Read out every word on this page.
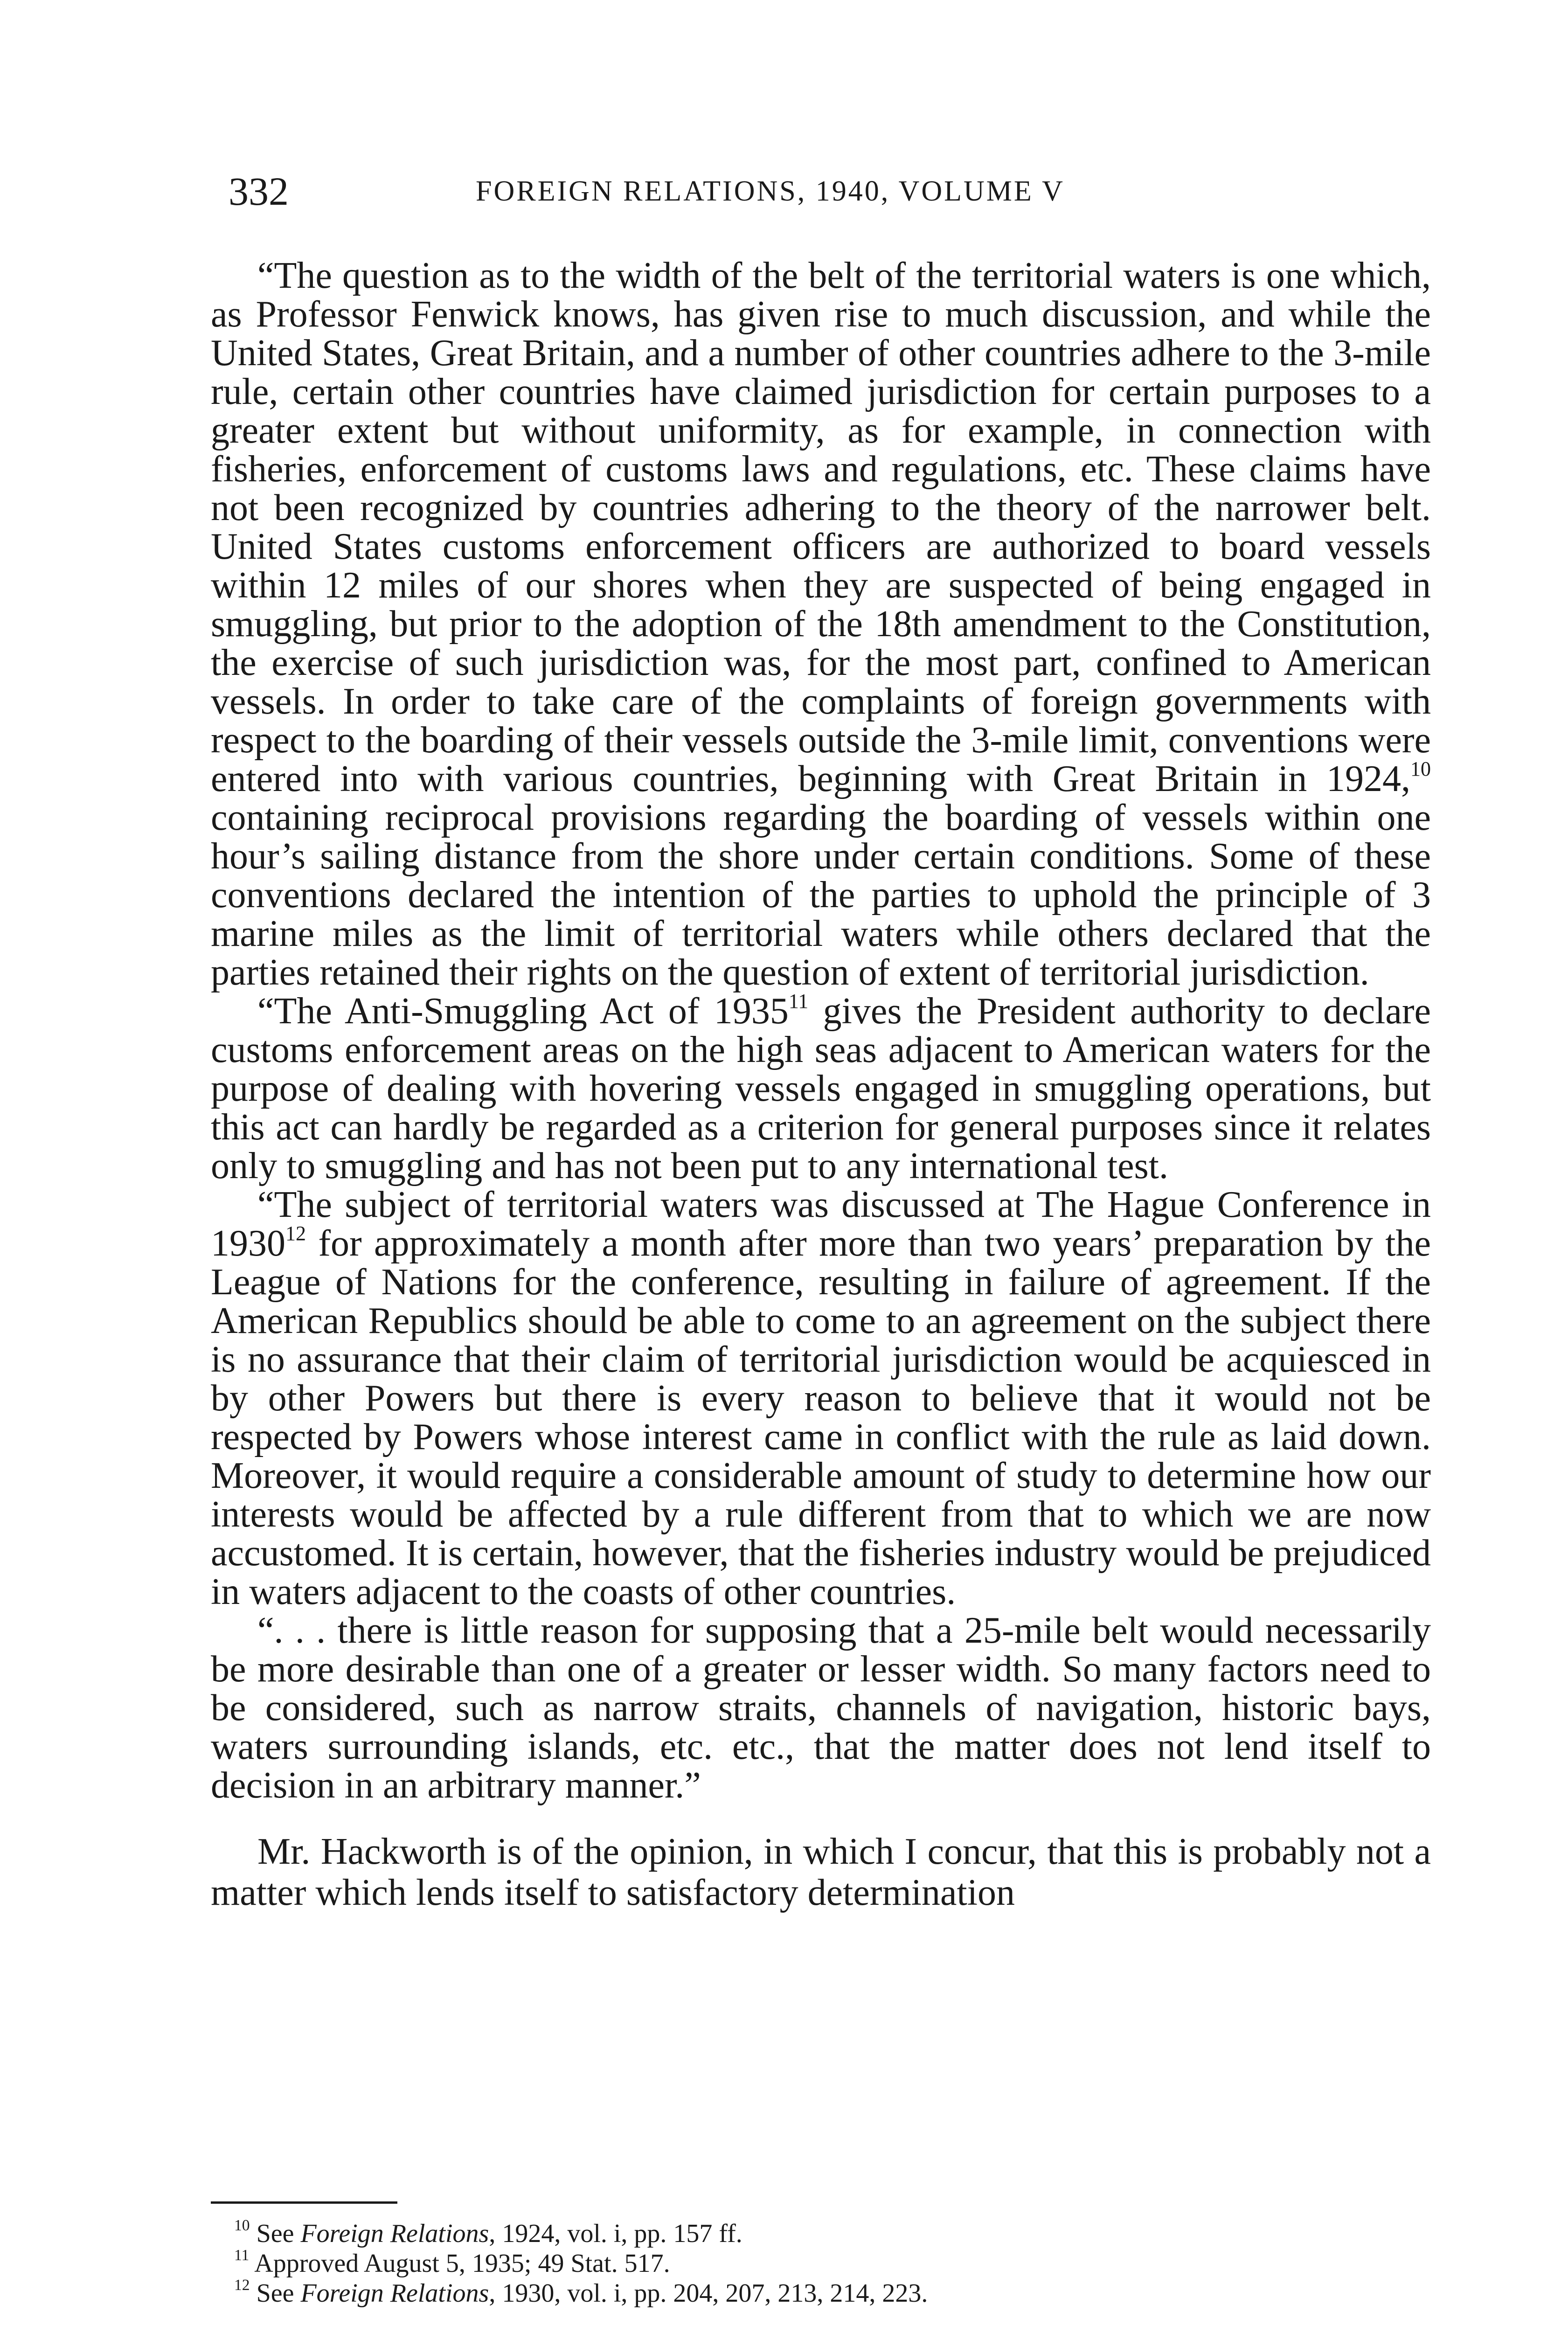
332	FOREIGN RELATIONS, 1940, VOLUME V

“The question as to the width of the belt of the territorial waters is one which, as Professor Fenwick knows, has given rise to much discussion, and while the United States, Great Britain, and a number of other countries adhere to the 3-mile rule, certain other countries have claimed jurisdiction for certain purposes to a greater extent but without uniformity, as for example, in connection with fisheries, enforcement of customs laws and regulations, etc. These claims have not been recognized by countries adhering to the theory of the narrower belt. United States customs enforcement officers are authorized to board vessels within 12 miles of our shores when they are suspected of being engaged in smuggling, but prior to the adoption of the 18th amendment to the Constitution, the exercise of such jurisdiction was, for the most part, confined to American vessels. In order to take care of the complaints of foreign governments with respect to the boarding of their vessels outside the 3-mile limit, conventions were entered into with various countries, beginning with Great Britain in 1924,10 containing reciprocal provisions regarding the boarding of vessels within one hour’s sailing distance from the shore under certain conditions. Some of these conventions declared the intention of the parties to uphold the principle of 3 marine miles as the limit of territorial waters while others declared that the parties retained their rights on the question of extent of territorial jurisdiction.

“The Anti-Smuggling Act of 1935$^{11}$ gives the President authority to declare customs enforcement areas on the high seas adjacent to American waters for the purpose of dealing with hovering vessels engaged in smuggling operations, but this act can hardly be regarded as a criterion for general purposes since it relates only to smuggling and has not been put to any international test.

“The subject of territorial waters was discussed at The Hague Conference in 1930$^{12}$ for approximately a month after more than two years’ preparation by the League of Nations for the conference, resulting in failure of agreement. If the American Republics should be able to come to an agreement on the subject there is no assurance that their claim of territorial jurisdiction would be acquiesced in by other Powers but there is every reason to believe that it would not be respected by Powers whose interest came in conflict with the rule as laid down. Moreover, it would require a considerable amount of study to determine how our interests would be affected by a rule different from that to which we are now accustomed. It is certain, however, that the fisheries industry would be prejudiced in waters adjacent to the coasts of other countries.

“. . . there is little reason for supposing that a 25-mile belt would necessarily be more desirable than one of a greater or lesser width. So many factors need to be considered, such as narrow straits, channels of navigation, historic bays, waters surrounding islands, etc. etc., that the matter does not lend itself to decision in an arbitrary manner.”

Mr. Hackworth is of the opinion, in which I concur, that this is probably not a matter which lends itself to satisfactory determination

$^{10}$ See Foreign Relations, 1924, vol. i, pp. 157 ff.
$^{11}$ Approved August 5, 1935; 49 Stat. 517.
$^{12}$ See Foreign Relations, 1930, vol. i, pp. 204, 207, 213, 214, 223.
